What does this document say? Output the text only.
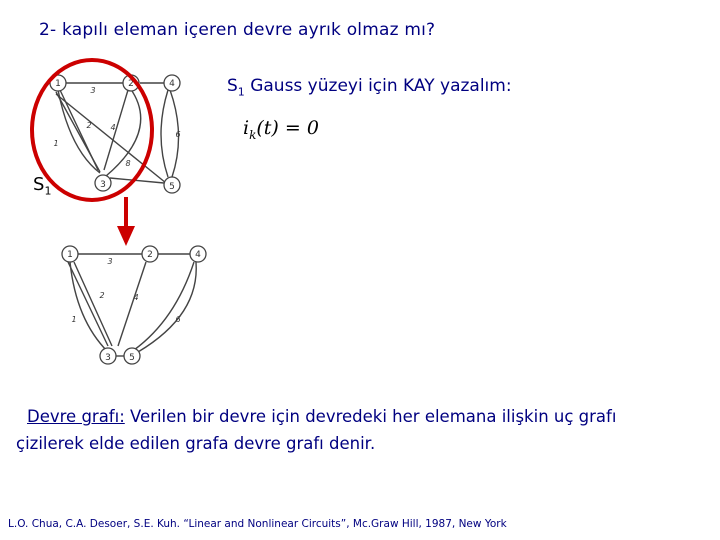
2- kapılı eleman içeren devre ayrık olmaz mı?
$S_1$ Gauss yüzeyi için KAY yazalım:
$i_k(t) = 0$
$S_1$
1	2	4
3	5
3
2 4
1
6
8
1	2	4
3 5
3
2	4
1	6
Devre grafı: Verilen bir devre için devredeki her elemana ilişkin uç grafı
çizilerek elde edilen grafa devre grafı denir.
L.O. Chua, C.A. Desoer, S.E. Kuh. “Linear and Nonlinear Circuits”, Mc.Graw Hill, 1987, New York
